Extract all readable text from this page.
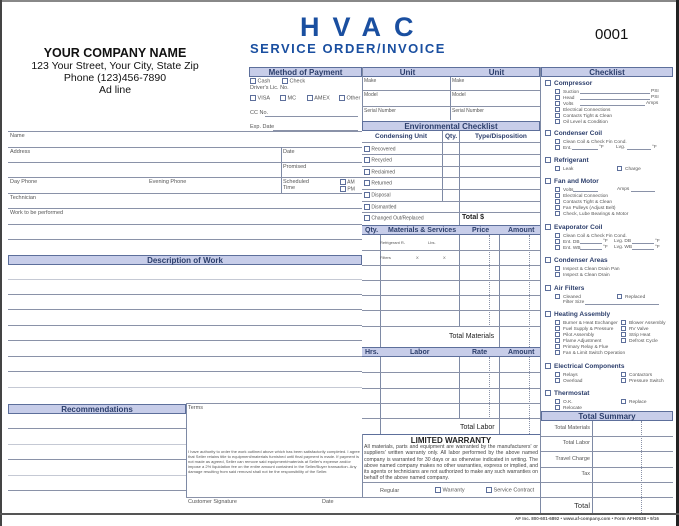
YOUR COMPANY NAME
123 Your Street, Your City, State Zip
Phone (123)456-7890
Ad line
HVAC
SERVICE ORDER/INVOICE
0001
Method of Payment
Cash	Check
Driver's Lic. No.
VISA	MC	AMEX	Other
CC No.
Exp. Date
Unit	Unit
Make	Make
Model	Model
Serial Number	Serial Number
Environmental Checklist
Condensing Unit	Qty.	Type/Disposition
Recovered
Recycled
Reclaimed
Returned
Disposal
Dismantled
Changed Out/Replaced	Total $
Qty. Materials & Services Price	Amount
Refrigerant R-	Lbs.
Filters	X	X
Total Materials
Hrs.	Labor	Rate	Amount
Total Labor
LIMITED WARRANTY
All materials, parts and equipment are warranted by the manufacturers' or suppliers' written warranty only. All labor performed by the above named company is warranted for 30 days or as otherwise indicated in writing. The above named company makes no other warranties, express or implied, and its agents or technicians are not authorized to make any such warranties on behalf of the above named company.
Regular	Warranty	Service Contract
Name
Address	Date
Promised
Day Phone	Evening Phone	Scheduled Time
AM
PM
Technician
Work to be performed
Description of Work
Recommendations	Terms
I have authority to order the work outlined above which has been satisfactorily completed. I agree that Seller retains title to equipment/materials furnished until final payment is made. If payment is not made as agreed, Seller can remove said equipment/materials at Seller's expense and/or impose a 2% liquidation fee on the entire amount contained in the Seller/Buyer transaction. Any damage resulting from said removal shall not be the responsibility of the Seller.
Customer Signature	Date
Checklist
Compressor
Suction	PSI
Head	PSI
Volts	Amps
Electrical Connections
Contacts Tight & Clean
Oil Level & Condition
Condenser Coil
Clean Coil & Check Fin Cond.
Ent.	°F	Lvg.	°F
Refrigerant
Leak	Charge
Fan and Motor
Volts	Amps
Electrical Connection
Contacts Tight & Clean
Fan Pulleys (Adjust Belt)
Check, Lube Bearings & Motor
Evaporator Coil
Clean Coil & Check Fin Cond.
Ent. DB	°F Lvg. DB	°F
Ent. WB	°F Lvg. WB	°F
Condenser Areas
Inspect & Clean Drain Pan
Inspect & Clean Drain
Air Filters
Cleaned	Replaced
Filter Size
Heating Assembly
Burner & Heat Exchanger	Blower Assembly
Fuel Supply & Pressure	RV Valve
Pilot Assembly	Strip Heat
Flame Adjustment	Defrost Cycle
Primary Relay & Flue
Fan & Limit Switch Operation
Electrical Components
Relays	Contactors
Overload	Pressure Switch
Thermostat
O.K.	Replace
Relocate
Total Summary
Total Materials
Total Labor
Travel Charge
Tax
Total
AF Inc. 800-601-6892 • www.af-company.com • Form AFH0538 • 9/16
